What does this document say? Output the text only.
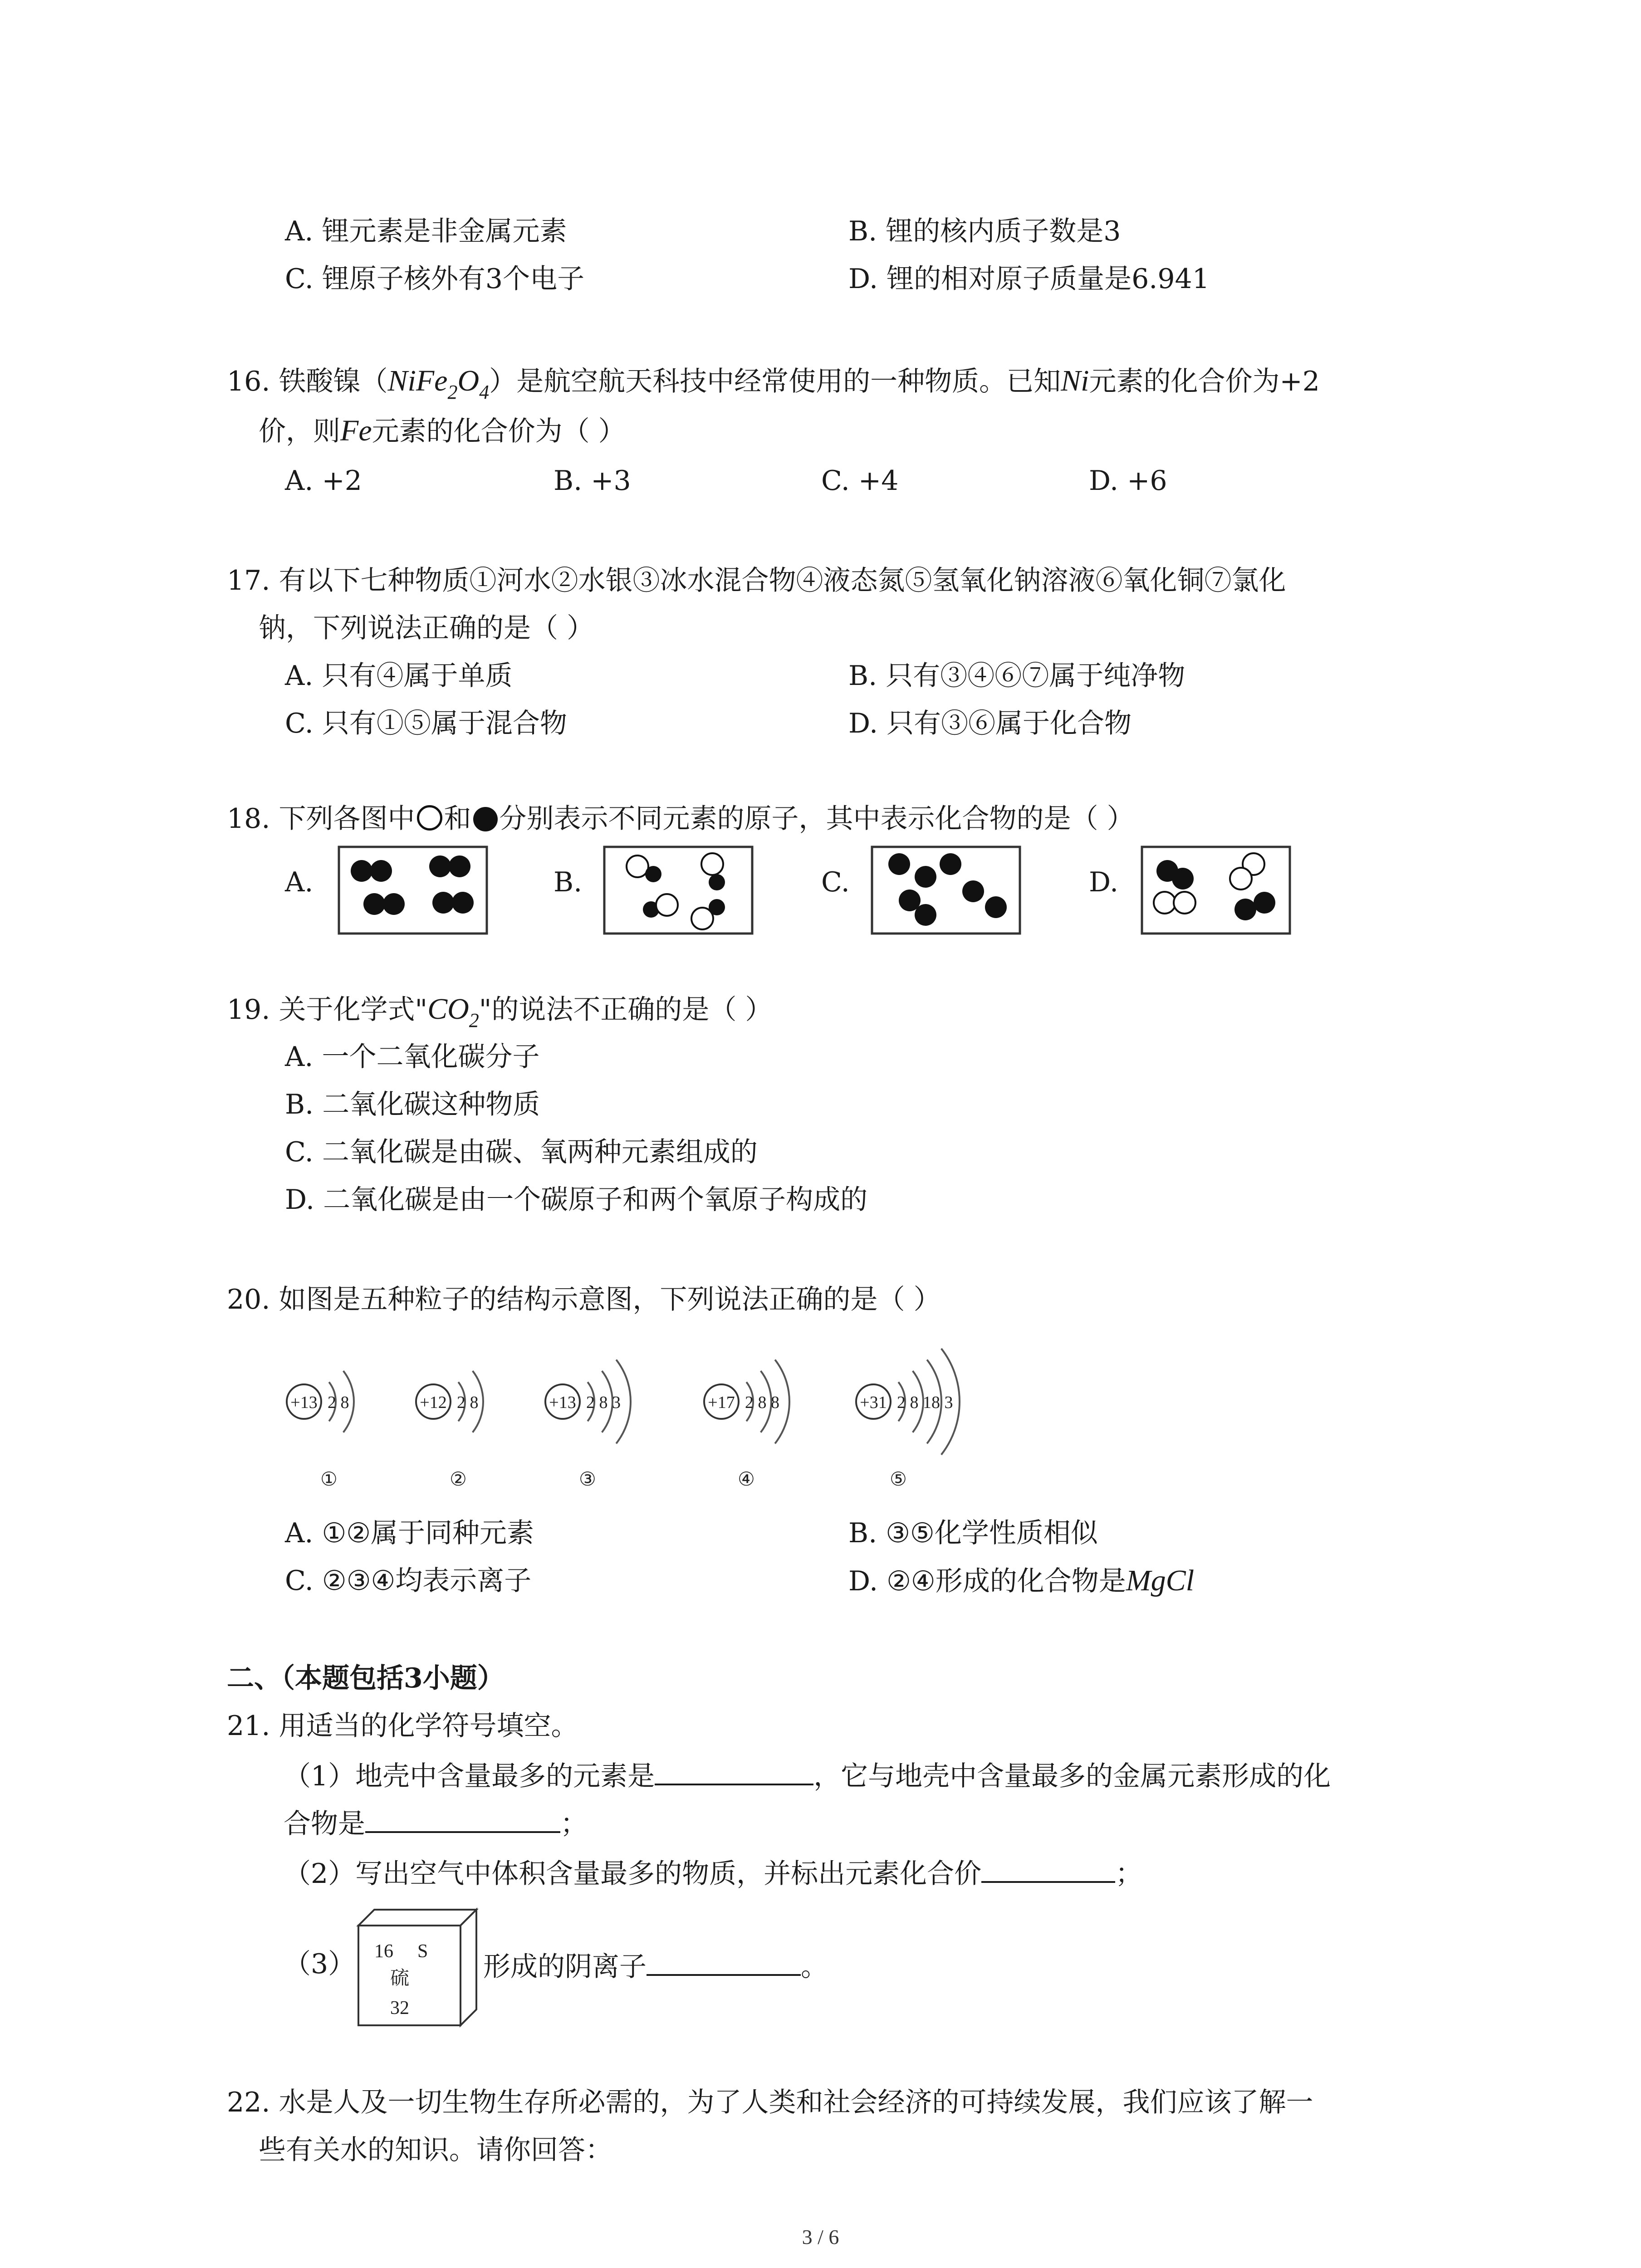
A. 锂元素是非金属元素	B. 锂的核内质子数是3
C. 锂原子核外有3个电子	D. 锂的相对原子质量是6.941
16. 铁酸镍$(NiFe_2O_4)$是航空航天科技中经常使用的一种物质。已知Ni元素的化合价为+2
价，则Fe元素的化合价为（ ）
A. +2	B. +3	C. +4	D. +6
17. 有以下七种物质①河水②水银③冰水混合物④液态氮⑤氢氧化钠溶液⑥氧化铜⑦氯化
钠，下列说法正确的是（ ）
A. 只有④属于单质	B. 只有③④⑥⑦属于纯净物
C. 只有①⑤属于混合物	D. 只有③⑥属于化合物
18. 下列各图中 和 分别表示不同元素的原子，其中表示化合物的是（ ）
A.	B.	C.	D.
19. 关于化学式"$CO_2$"的说法不正确的是（ ）
A. 一个二氧化碳分子
B. 二氧化碳这种物质
C. 二氧化碳是由碳、氧两种元素组成的
D. 二氧化碳是由一个碳原子和两个氧原子构成的
20. 如图是五种粒子的结构示意图，下列说法正确的是（ ）
+13 2 8
①
+12 2 8
②
+13 2 8 3
③
+17 2 8 8
④
+31 2 8 18 3
⑤
A. ①②属于同种元素	B. ③⑤化学性质相似
C. ②③④均表示离子	D. ②④形成的化合物是MgCl
二、（本题包括3小题）
21. 用适当的化学符号填空。
（1）地壳中含量最多的元素是	，它与地壳中含量最多的金属元素形成的化
合物是	；
（2）写出空气中体积含量最多的物质，并标出元素化合价	；
（3） 16 S
硫
32
形成的阴离子	。
22. 水是人及一切生物生存所必需的，为了人类和社会经济的可持续发展，我们应该了解一
些有关水的知识。请你回答：
3 / 6
